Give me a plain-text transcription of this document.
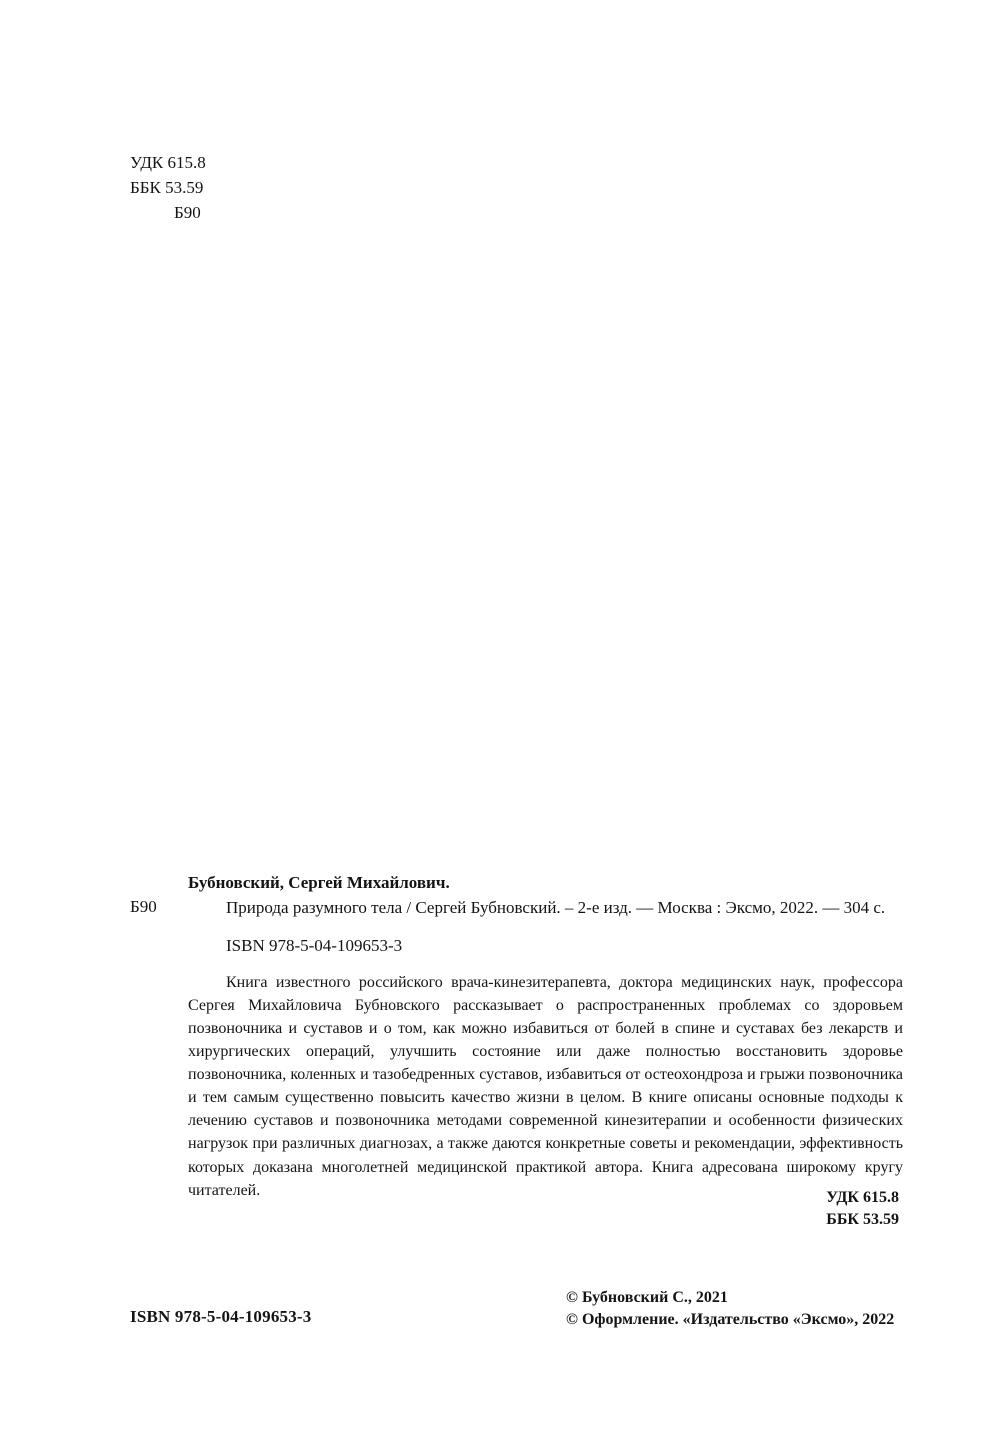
УДК 615.8
ББК 53.59
Б90
Б90

Бубновский, Сергей Михайлович.

Природа разумного тела / Сергей Бубновский. – 2-е изд. — Москва : Эксмо, 2022. — 304 с.

ISBN 978-5-04-109653-3

Книга известного российского врача-кинезитерапевта, доктора медицинских наук, профессора Сергея Михайловича Бубновского рассказывает о распространенных проблемах со здоровьем позвоночника и суставов и о том, как можно избавиться от болей в спине и суставах без лекарств и хирургических операций, улучшить состояние или даже полностью восстановить здоровье позвоночника, коленных и тазобедренных суставов, избавиться от остеохондроза и грыжи позвоночника и тем самым существенно повысить качество жизни в целом. В книге описаны основные подходы к лечению суставов и позвоночника методами современной кинезитерапии и особенности физических нагрузок при различных диагнозах, а также даются конкретные советы и рекомендации, эффективность которых доказана многолетней медицинской практикой автора. Книга адресована широкому кругу читателей.	УДК 615.8
ББК 53.59
ISBN 978-5-04-109653-3
© Бубновский С., 2021
© Оформление. «Издательство «Эксмо», 2022
